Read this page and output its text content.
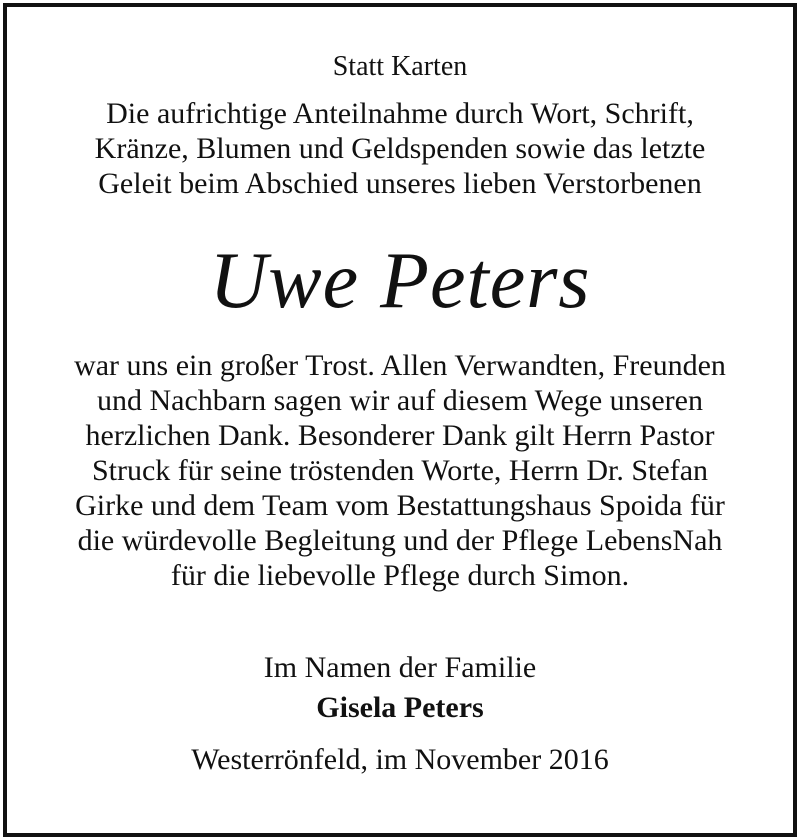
Statt Karten
Die aufrichtige Anteilnahme durch Wort, Schrift,
Kränze, Blumen und Geldspenden sowie das letzte
Geleit beim Abschied unseres lieben Verstorbenen
Uwe Peters
war uns ein großer Trost. Allen Verwandten, Freunden
und Nachbarn sagen wir auf diesem Wege unseren
herzlichen Dank. Besonderer Dank gilt Herrn Pastor
Struck für seine tröstenden Worte, Herrn Dr. Stefan
Girke und dem Team vom Bestattungshaus Spoida für
die würdevolle Begleitung und der Pflege LebensNah
für die liebevolle Pflege durch Simon.
Im Namen der Familie
Gisela Peters
Westerrönfeld, im November 2016
